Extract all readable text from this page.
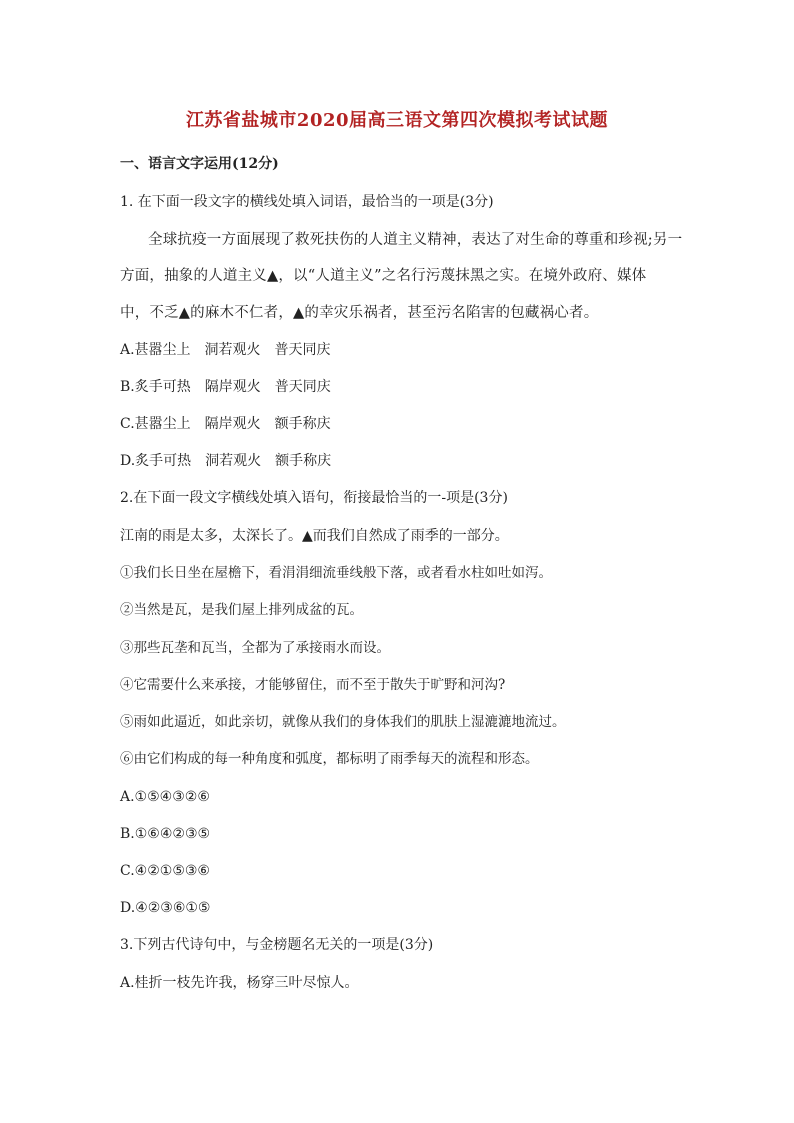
江苏省盐城市2020届高三语文第四次模拟考试试题
一、语言文字运用(12分)
1. 在下面一段文字的横线处填入词语，最恰当的一项是(3分)
全球抗疫一方面展现了救死扶伤的人道主义精神，表达了对生命的尊重和珍视;另一
方面，抽象的人道主义▲，以“人道主义”之名行污蔑抹黑之实。在境外政府、媒体
中，不乏▲的麻木不仁者，▲的幸灾乐祸者，甚至污名陷害的包藏祸心者。
A.甚嚣尘上　洞若观火　普天同庆
B.炙手可热　隔岸观火　普天同庆
C.甚嚣尘上　隔岸观火　额手称庆
D.炙手可热　洞若观火　额手称庆
2.在下面一段文字横线处填入语句，衔接最恰当的一-项是(3分)
江南的雨是太多，太深长了。▲而我们自然成了雨季的一部分。
①我们长日坐在屋檐下，看涓涓细流垂线般下落，或者看水柱如吐如泻。
②当然是瓦，是我们屋上排列成盆的瓦。
③那些瓦垄和瓦当，全都为了承接雨水而设。
④它需要什么来承接，才能够留住，而不至于散失于旷野和河沟?
⑤雨如此逼近，如此亲切，就像从我们的身体我们的肌肤上湿漉漉地流过。
⑥由它们构成的每一种角度和弧度，都标明了雨季每天的流程和形态。
A.①⑤④③②⑥
B.①⑥④②③⑤
C.④②①⑤③⑥
D.④②③⑥①⑤
3.下列古代诗句中，与金榜题名无关的一项是(3分)
A.桂折一枝先许我，杨穿三叶尽惊人。
